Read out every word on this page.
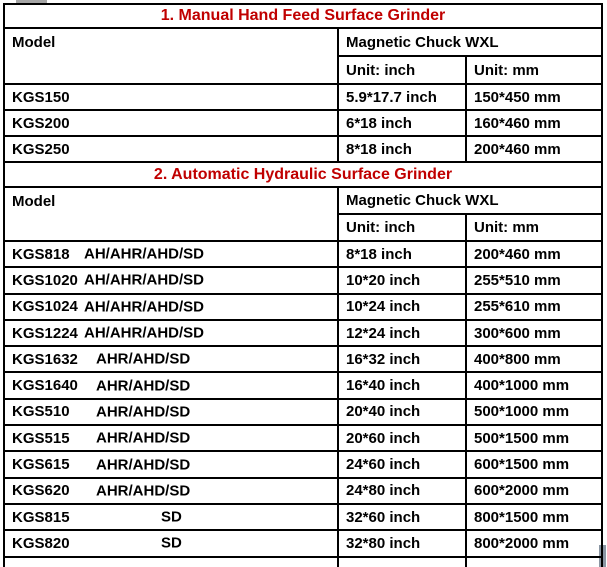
1. Manual Hand Feed Surface Grinder		
Model	Magnetic Chuck WXL	
	Unit: inch	Unit: mm
KGS150	5.9*17.7 inch	150*450 mm
KGS200	6*18 inch	160*460 mm
KGS250	8*18 inch	200*460 mm
2. Automatic Hydraulic Surface Grinder		
Model	Magnetic Chuck WXL	
	Unit: inch	Unit: mm
KGS818 AH/AHR/AHD/SD	8*18 inch	200*460 mm
KGS1020 AH/AHR/AHD/SD	10*20 inch	255*510 mm
KGS1024 AH/AHR/AHD/SD	10*24 inch	255*610 mm
KGS1224 AH/AHR/AHD/SD	12*24 inch	300*600 mm
KGS1632 AHR/AHD/SD	16*32 inch	400*800 mm
KGS1640 AHR/AHD/SD	16*40 inch	400*1000 mm
KGS510 AHR/AHD/SD	20*40 inch	500*1000 mm
KGS515 AHR/AHD/SD	20*60 inch	500*1500 mm
KGS615 AHR/AHD/SD	24*60 inch	600*1500 mm
KGS620 AHR/AHD/SD	24*80 inch	600*2000 mm
KGS815 SD	32*60 inch	800*1500 mm
KGS820 SD	32*80 inch	800*2000 mm
